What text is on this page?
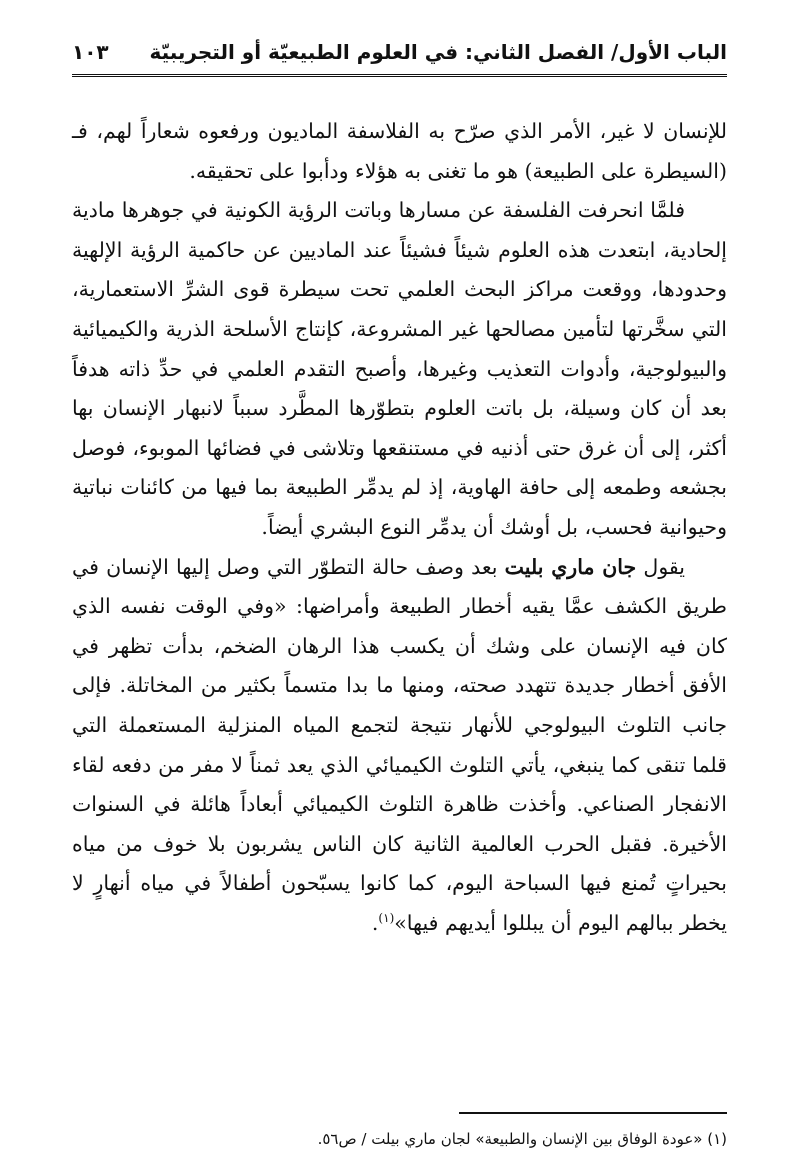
الباب الأول/ الفصل الثاني: في العلوم الطبيعيّة أو التجريبيّة
١٠٣

للإنسان لا غير، الأمر الذي صرّح به الفلاسفة الماديون ورفعوه شعاراً لهم، فـ (السيطرة على الطبيعة) هو ما تغنى به هؤلاء ودأبوا على تحقيقه.

فلمَّا انحرفت الفلسفة عن مسارها وباتت الرؤية الكونية في جوهرها مادية إلحادية، ابتعدت هذه العلوم شيئاً فشيئاً عند الماديين عن حاكمية الرؤية الإلهية وحدودها، ووقعت مراكز البحث العلمي تحت سيطرة قوى الشرِّ الاستعمارية، التي سخَّرتها لتأمين مصالحها غير المشروعة، كإنتاج الأسلحة الذرية والكيميائية والبيولوجية، وأدوات التعذيب وغيرها، وأصبح التقدم العلمي في حدِّ ذاته هدفاً بعد أن كان وسيلة، بل باتت العلوم بتطوّرها المطَّرد سبباً لانبهار الإنسان بها أكثر، إلى أن غرق حتى أذنيه في مستنقعها وتلاشى في فضائها الموبوء، فوصل بجشعه وطمعه إلى حافة الهاوية، إذ لم يدمِّر الطبيعة بما فيها من كائنات نباتية وحيوانية فحسب، بل أوشك أن يدمِّر النوع البشري أيضاً.

يقول جان ماري بليت بعد وصف حالة التطوّر التي وصل إليها الإنسان في طريق الكشف عمَّا يقيه أخطار الطبيعة وأمراضها: «وفي الوقت نفسه الذي كان فيه الإنسان على وشك أن يكسب هذا الرهان الضخم، بدأت تظهر في الأفق أخطار جديدة تتهدد صحته، ومنها ما بدا متسماً بكثير من المخاتلة. فإلى جانب التلوث البيولوجي للأنهار نتيجة لتجمع المياه المنزلية المستعملة التي قلما تنقى كما ينبغي، يأتي التلوث الكيميائي الذي يعد ثمناً لا مفر من دفعه لقاء الانفجار الصناعي. وأخذت ظاهرة التلوث الكيميائي أبعاداً هائلة في السنوات الأخيرة. فقبل الحرب العالمية الثانية كان الناس يشربون بلا خوف من مياه بحيراتٍ تُمنع فيها السباحة اليوم، كما كانوا يسبّحون أطفالاً في مياه أنهارٍ لا يخطر ببالهم اليوم أن يبللوا أيديهم فيها»$^{(١)}$.

(١) «عودة الوفاق بين الإنسان والطبيعة» لجان ماري بيلت / ص٥٦.
